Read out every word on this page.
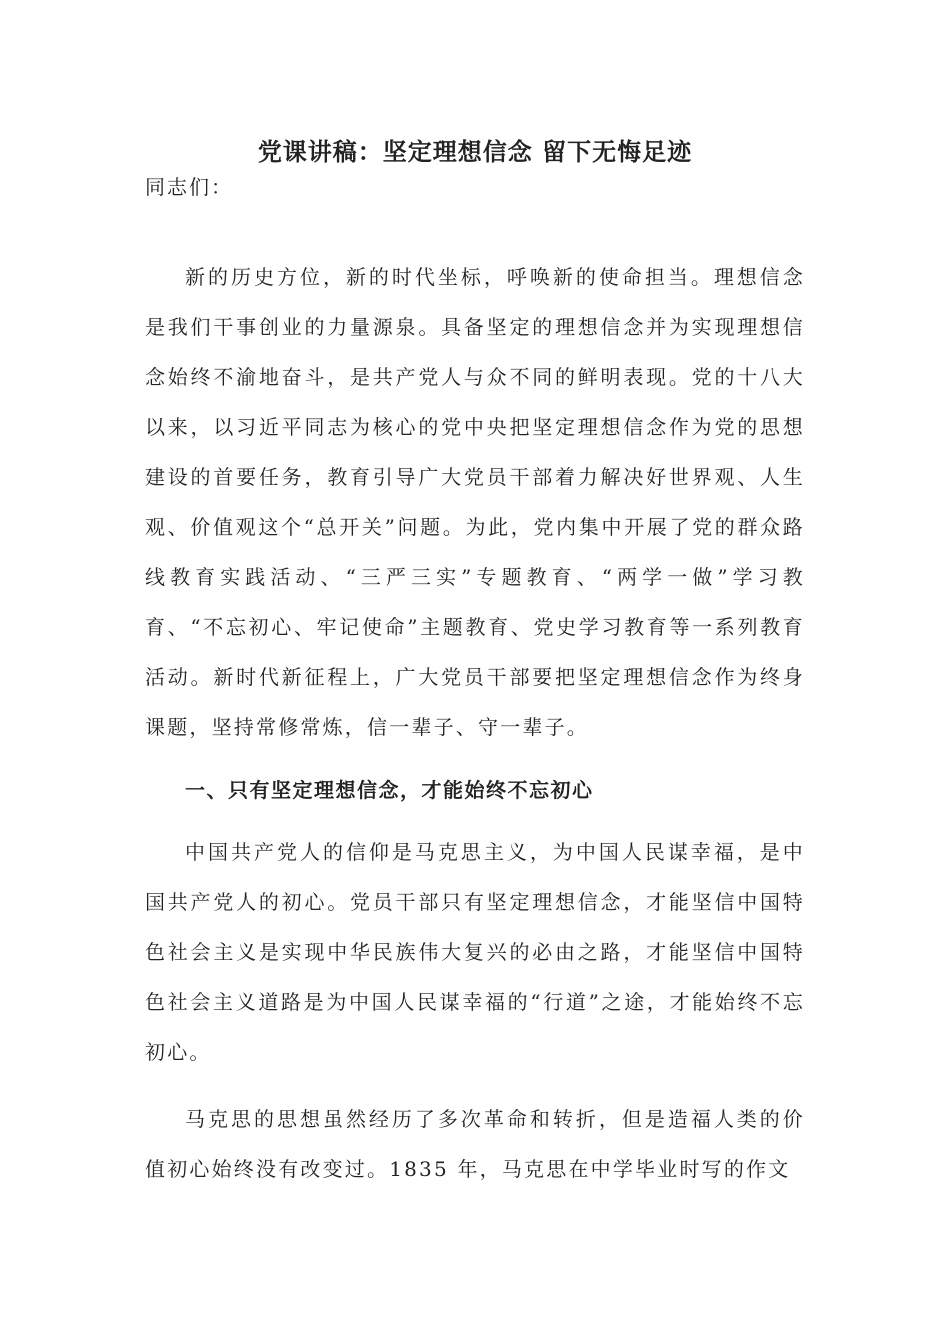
党课讲稿：坚定理想信念 留下无悔足迹
同志们：

新的历史方位，新的时代坐标，呼唤新的使命担当。理想信念是我们干事创业的力量源泉。具备坚定的理想信念并为实现理想信念始终不渝地奋斗，是共产党人与众不同的鲜明表现。党的十八大以来，以习近平同志为核心的党中央把坚定理想信念作为党的思想建设的首要任务，教育引导广大党员干部着力解决好世界观、人生观、价值观这个“总开关”问题。为此，党内集中开展了党的群众路线教育实践活动、“三严三实”专题教育、“两学一做”学习教育、“不忘初心、牢记使命”主题教育、党史学习教育等一系列教育活动。新时代新征程上，广大党员干部要把坚定理想信念作为终身课题，坚持常修常炼，信一辈子、守一辈子。

一、只有坚定理想信念，才能始终不忘初心

中国共产党人的信仰是马克思主义，为中国人民谋幸福，是中国共产党人的初心。党员干部只有坚定理想信念，才能坚信中国特色社会主义是实现中华民族伟大复兴的必由之路，才能坚信中国特色社会主义道路是为中国人民谋幸福的“行道”之途，才能始终不忘初心。

马克思的思想虽然经历了多次革命和转折，但是造福人类的价值初心始终没有改变过。1835 年，马克思在中学毕业时写的作文
